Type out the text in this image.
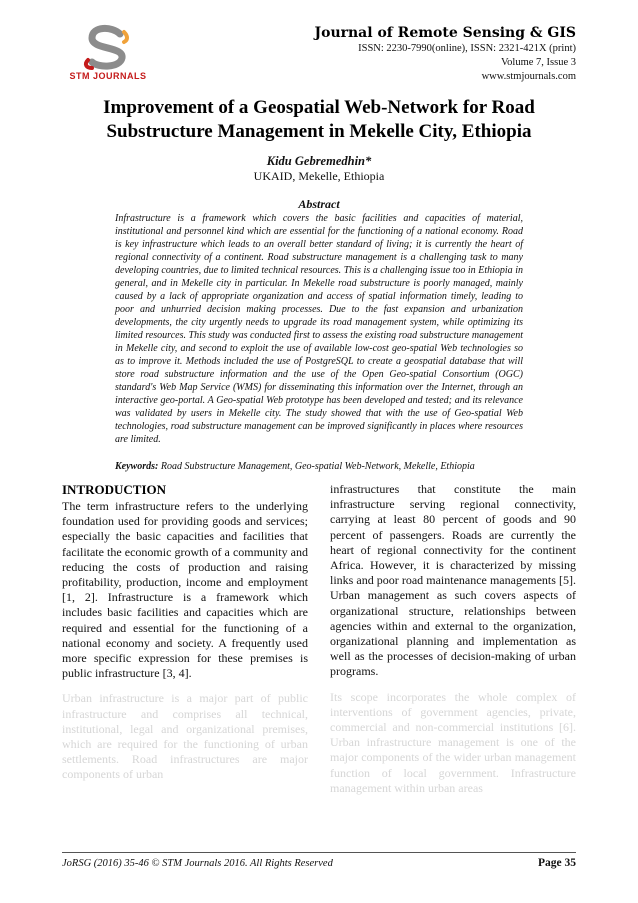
STM JOURNALS
Journal of Remote Sensing & GIS
ISSN: 2230-7990(online), ISSN: 2321-421X (print)
Volume 7, Issue 3
www.stmjournals.com
Improvement of a Geospatial Web-Network for Road Substructure Management in Mekelle City, Ethiopia
Kidu Gebremedhin*
UKAID, Mekelle, Ethiopia
Abstract

Infrastructure is a framework which covers the basic facilities and capacities of material, institutional and personnel kind which are essential for the functioning of a national economy. Road is key infrastructure which leads to an overall better standard of living; it is currently the heart of regional connectivity of a continent. Road substructure management is a challenging task to many developing countries, due to limited technical resources. This is a challenging issue too in Ethiopia in general, and in Mekelle city in particular. In Mekelle road substructure is poorly managed, mainly caused by a lack of appropriate organization and access of spatial information timely, leading to poor and unhurried decision making processes. Due to the fast expansion and urbanization developments, the city urgently needs to upgrade its road management system, while optimizing its limited resources. This study was conducted first to assess the existing road substructure management in Mekelle city, and second to exploit the use of available low-cost geo-spatial Web technologies so as to improve it. Methods included the use of PostgreSQL to create a geospatial database that will store road substructure information and the use of the Open Geo-spatial Consortium (OGC) standard's Web Map Service (WMS) for disseminating this information over the Internet, through an interactive geo-portal. A Geo-spatial Web prototype has been developed and tested; and its relevance was validated by users in Mekelle city. The study showed that with the use of Geo-spatial Web technologies, road substructure management can be improved significantly in places where resources are limited.

Keywords: Road Substructure Management, Geo-spatial Web-Network, Mekelle, Ethiopia

INTRODUCTION

The term infrastructure refers to the underlying foundation used for providing goods and services; especially the basic capacities and facilities that facilitate the economic growth of a community and reducing the costs of production and raising profitability, production, income and employment [1, 2]. Infrastructure is a framework which includes basic facilities and capacities which are required and essential for the functioning of a national economy and society. A frequently used more specific expression for these premises is public infrastructure [3, 4].

Urban infrastructure is a major part of public infrastructure and comprises all technical, institutional, legal and organizational premises, which are required for the functioning of urban settlements. Road infrastructures are major components of urban

infrastructures that constitute the main infrastructure serving regional connectivity, carrying at least 80 percent of goods and 90 percent of passengers. Roads are currently the heart of regional connectivity for the continent Africa. However, it is characterized by missing links and poor road maintenance managements [5]. Urban management as such covers aspects of organizational structure, relationships between agencies within and external to the organization, organizational planning and implementation as well as the processes of decision-making of urban programs.

Its scope incorporates the whole complex of interventions of government agencies, private, commercial and non-commercial institutions [6]. Urban infrastructure management is one of the major components of the wider urban management function of local government. Infrastructure management within urban areas

JoRSG (2016) 35-46 © STM Journals 2016. All Rights Reserved	Page 35
